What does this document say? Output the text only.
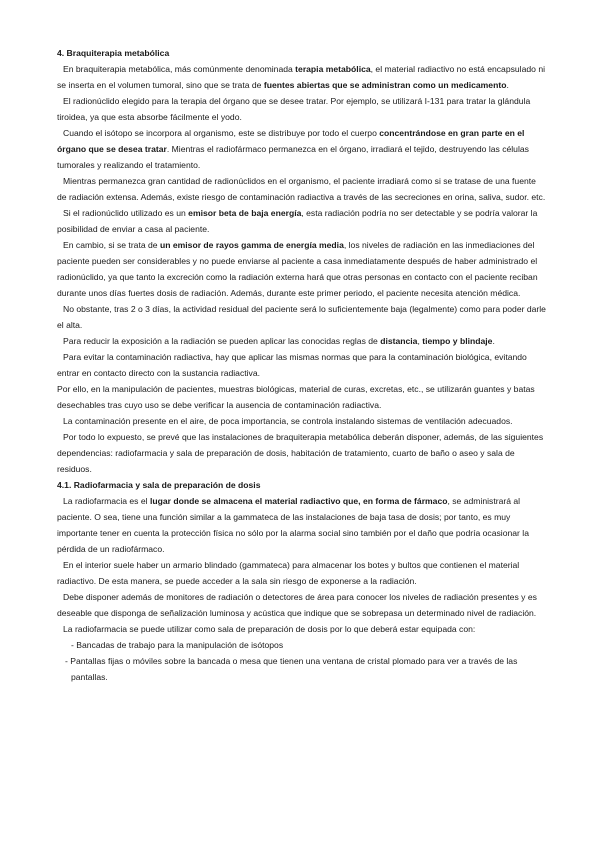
4. Braquiterapia metabólica

En braquiterapia metabólica, más comúnmente denominada terapia metabólica, el material radiactivo no está encapsulado ni se inserta en el volumen tumoral, sino que se trata de fuentes abiertas que se administran como un medicamento.

El radionúclido elegido para la terapia del órgano que se desee tratar. Por ejemplo, se utilizará I-131 para tratar la glándula tiroidea, ya que esta absorbe fácilmente el yodo.

Cuando el isótopo se incorpora al organismo, este se distribuye por todo el cuerpo concentrándose en gran parte en el órgano que se desea tratar. Mientras el radiofármaco permanezca en el órgano, irradiará el tejido, destruyendo las células tumorales y realizando el tratamiento.

Mientras permanezca gran cantidad de radionúclidos en el organismo, el paciente irradiará como si se tratase de una fuente de radiación extensa. Además, existe riesgo de contaminación radiactiva a través de las secreciones en orina, saliva, sudor. etc.

Si el radionúclido utilizado es un emisor beta de baja energía, esta radiación podría no ser detectable y se podría valorar la posibilidad de enviar a casa al paciente.

En cambio, si se trata de un emisor de rayos gamma de energía media, los niveles de radiación en las inmediaciones del paciente pueden ser considerables y no puede enviarse al paciente a casa inmediatamente después de haber administrado el radionúclido, ya que tanto la excreción como la radiación externa hará que otras personas en contacto con el paciente reciban durante unos días fuertes dosis de radiación. Además, durante este primer periodo, el paciente necesita atención médica.

No obstante, tras 2 o 3 días, la actividad residual del paciente será lo suficientemente baja (legalmente) como para poder darle el alta.

Para reducir la exposición a la radiación se pueden aplicar las conocidas reglas de distancia, tiempo y blindaje.

Para evitar la contaminación radiactiva, hay que aplicar las mismas normas que para la contaminación biológica, evitando entrar en contacto directo con la sustancia radiactiva.

Por ello, en la manipulación de pacientes, muestras biológicas, material de curas, excretas, etc., se utilizarán guantes y batas desechables tras cuyo uso se debe verificar la ausencia de contaminación radiactiva.

La contaminación presente en el aire, de poca importancia, se controla instalando sistemas de ventilación adecuados.

Por todo lo expuesto, se prevé que las instalaciones de braquiterapia metabólica deberán disponer, además, de las siguientes dependencias: radiofarmacia y sala de preparación de dosis, habitación de tratamiento, cuarto de baño o aseo y sala de residuos.

4.1. Radiofarmacia y sala de preparación de dosis

La radiofarmacia es el lugar donde se almacena el material radiactivo que, en forma de fármaco, se administrará al paciente. O sea, tiene una función similar a la gammateca de las instalaciones de baja tasa de dosis; por tanto, es muy importante tener en cuenta la protección física no sólo por la alarma social sino también por el daño que podría ocasionar la pérdida de un radiofármaco.

En el interior suele haber un armario blindado (gammateca) para almacenar los botes y bultos que contienen el material radiactivo. De esta manera, se puede acceder a la sala sin riesgo de exponerse a la radiación.

Debe disponer además de monitores de radiación o detectores de área para conocer los niveles de radiación presentes y es deseable que disponga de señalización luminosa y acústica que indique que se sobrepasa un determinado nivel de radiación.

La radiofarmacia se puede utilizar como sala de preparación de dosis por lo que deberá estar equipada con:

- Bancadas de trabajo para la manipulación de isótopos

- Pantallas fijas o móviles sobre la bancada o mesa que tienen una ventana de cristal plomado para ver a través de las pantallas.
